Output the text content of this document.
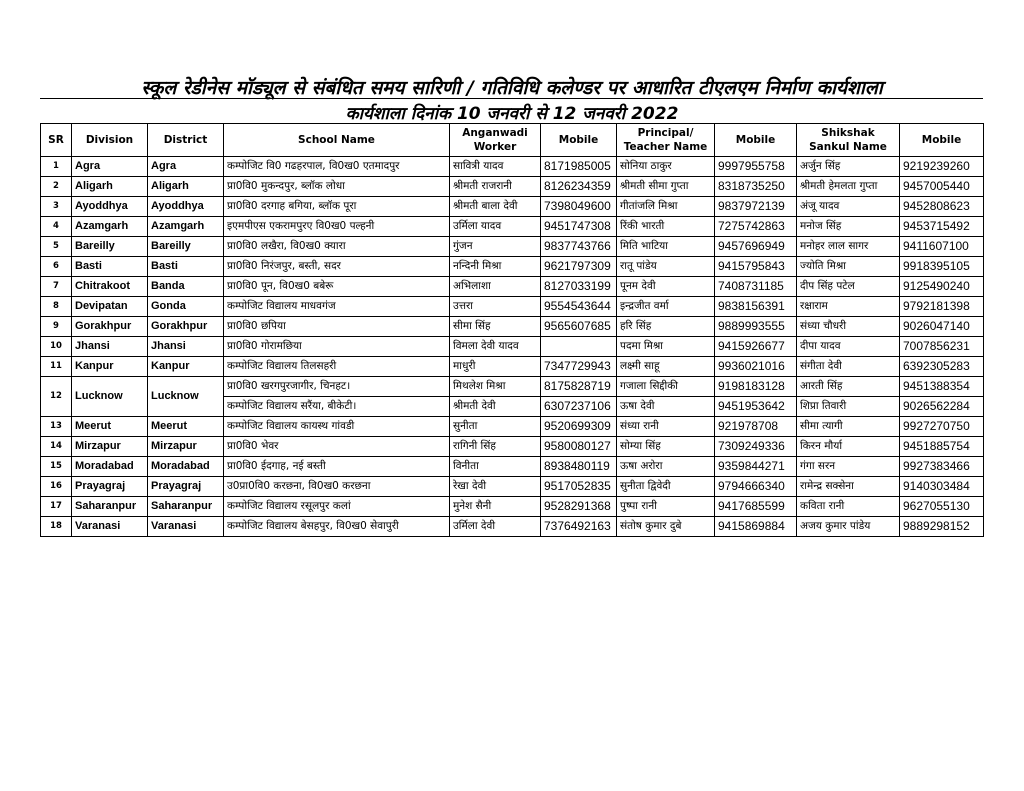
स्कूल रेडीनेस मॉड्यूल से संबंधित समय सारिणी / गतिविधि कलेण्डर पर आधारित टीएलएम निर्माण कार्यशाला
कार्यशाला दिनांक 10 जनवरी से 12 जनवरी 2022
SR	Division	District	School Name	Anganwadi Worker	Mobile	Principal/ Teacher Name	Mobile	Shikshak Sankul Name	Mobile
1	Agra	Agra	कम्पोजिट वि0 गढहरपाल, वि0ख0 एतमादपुर	सावित्री यादव	8171985005	सोनिया ठाकुर	9997955758	अर्जुन सिंह	9219239260
2	Aligarh	Aligarh	प्रा0वि0 मुकन्दपुर, ब्लॉक लोधा	श्रीमती राजरानी	8126234359	श्रीमती सीमा गुप्ता	8318735250	श्रीमती हेमलता गुप्ता	9457005440
3	Ayoddhya	Ayoddhya	प्रा0वि0 दरगाह बगिया, ब्लॉक पूरा	श्रीमती बाला देवी	7398049600	गीतांजलि मिश्रा	9837972139	अंजू यादव	9452808623
4	Azamgarh	Azamgarh	इएमपीएस एकरामपुरए वि0ख0 पल्हनी	उर्मिला यादव	9451747308	रिंकी भारती	7275742863	मनोज सिंह	9453715492
5	Bareilly	Bareilly	प्रा0वि0 लखैरा, वि0ख0 क्यारा	गुंजन	9837743766	मिति भाटिया	9457696949	मनोहर लाल सागर	9411607100
6	Basti	Basti	प्रा0वि0 निरंजपुर, बस्ती, सदर	नन्दिनी मिश्रा	9621797309	रातू पांडेय	9415795843	ज्योति मिश्रा	9918395105
7	Chitrakoot	Banda	प्रा0वि0 पून, वि0ख0 बबेरू	अभिलाशा	8127033199	पूनम देवी	7408731185	दीप सिंह पटेल	9125490240
8	Devipatan	Gonda	कम्पोजिट विद्यालय माधवगंज	उत्तरा	9554543644	इन्द्रजीत वर्मा	9838156391	रक्षाराम	9792181398
9	Gorakhpur	Gorakhpur	प्रा0वि0 छपिया	सीमा सिंह	9565607685	हरि सिंह	9889993555	संध्या चौधरी	9026047140
10	Jhansi	Jhansi	प्रा0वि0 गोरामछिया	विमला देवी यादव		पदमा मिश्रा	9415926677	दीपा यादव	7007856231
11	Kanpur	Kanpur	कम्पोजिट विद्यालय तिलसहरी	माधुरी	7347729943	लक्ष्मी साहू	9936021016	संगीता देवी	6392305283
12	Lucknow	Lucknow	प्रा0वि0 खरगपुरजागीर, चिनहट।	मिथलेश मिश्रा	8175828719	गजाला सिद्दीकी	9198183128	आरती सिंह	9451388354
			कम्पोजिट विद्यालय सरैंया, बीकेटी।	श्रीमती देवी	6307237106	ऊषा देवी	9451953642	शिप्रा तिवारी	9026562284
13	Meerut	Meerut	कम्पोजिट विद्यालय कायस्थ गांवडी	सुनीता	9520699309	संध्या रानी	921978708	सीमा त्यागी	9927270750
14	Mirzapur	Mirzapur	प्रा0वि0 भेवर	रागिनी सिंह	9580080127	सोम्या सिंह	7309249336	किरन मौर्या	9451885754
15	Moradabad	Moradabad	प्रा0वि0 ईदगाह, नई बस्ती	विनीता	8938480119	ऊषा अरोरा	9359844271	गंगा सरन	9927383466
16	Prayagraj	Prayagraj	उ0प्रा0वि0 करछना, वि0ख0 करछना	रेखा देवी	9517052835	सुनीता द्विवेदी	9794666340	रामेन्द्र सक्सेना	9140303484
17	Saharanpur	Saharanpur	कम्पोजिट विद्यालय रसूलपुर कलां	मुनेश सैनी	9528291368	पुष्पा रानी	9417685599	कविता रानी	9627055130
18	Varanasi	Varanasi	कम्पोजिट विद्यालय बेसहपुर, वि0ख0 सेवापुरी	उर्मिला देवी	7376492163	संतोष कुमार दुबे	9415869884	अजय कुमार पांडेय	9889298152
